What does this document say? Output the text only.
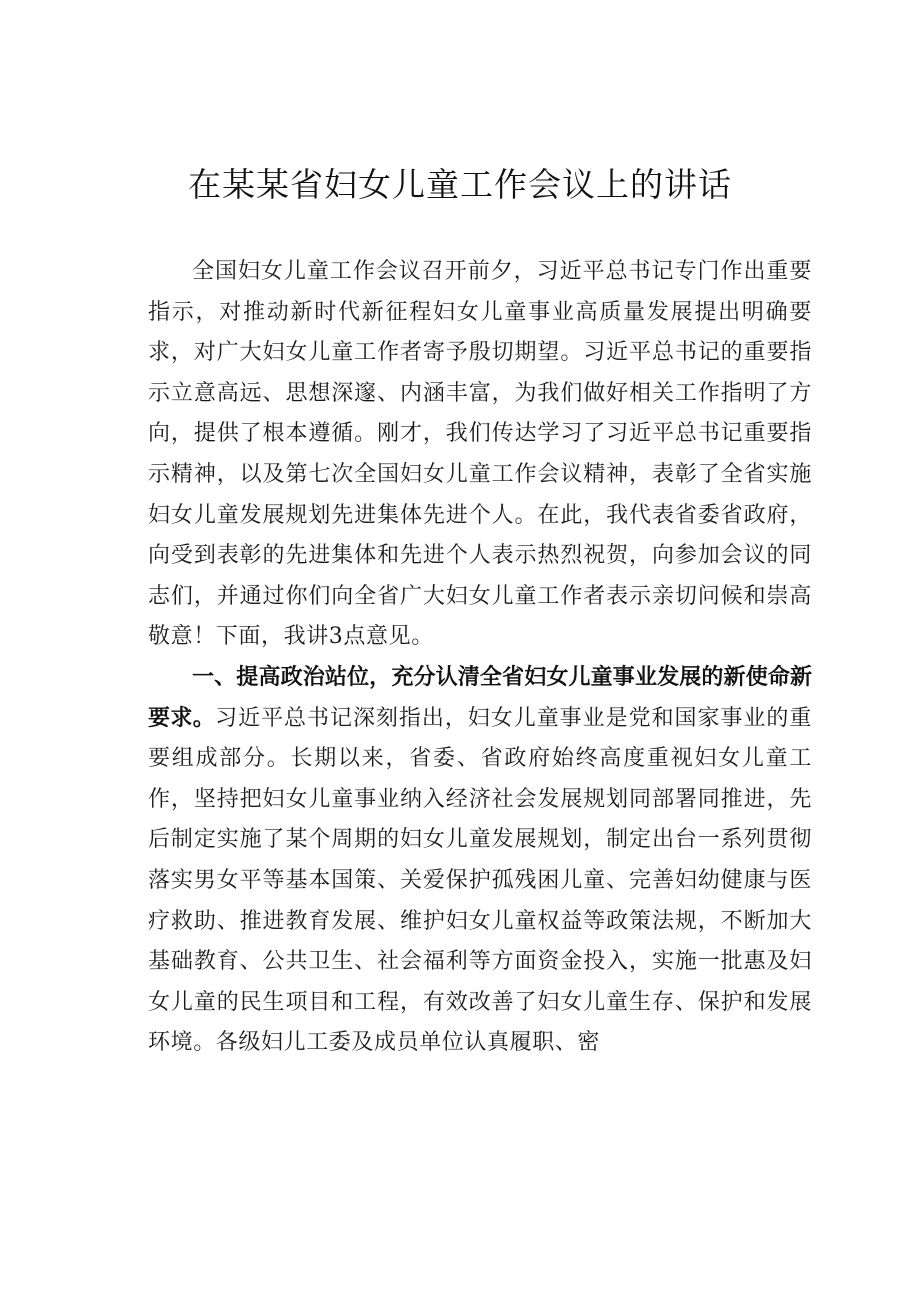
在某某省妇女儿童工作会议上的讲话

全国妇女儿童工作会议召开前夕，习近平总书记专门作出重要指示，对推动新时代新征程妇女儿童事业高质量发展提出明确要求，对广大妇女儿童工作者寄予殷切期望。习近平总书记的重要指示立意高远、思想深邃、内涵丰富，为我们做好相关工作指明了方向，提供了根本遵循。刚才，我们传达学习了习近平总书记重要指示精神，以及第七次全国妇女儿童工作会议精神，表彰了全省实施妇女儿童发展规划先进集体先进个人。在此，我代表省委省政府，向受到表彰的先进集体和先进个人表示热烈祝贺，向参加会议的同志们，并通过你们向全省广大妇女儿童工作者表示亲切问候和崇高敬意！下面，我讲3点意见。

一、提高政治站位，充分认清全省妇女儿童事业发展的新使命新要求。习近平总书记深刻指出，妇女儿童事业是党和国家事业的重要组成部分。长期以来，省委、省政府始终高度重视妇女儿童工作，坚持把妇女儿童事业纳入经济社会发展规划同部署同推进，先后制定实施了某个周期的妇女儿童发展规划，制定出台一系列贯彻落实男女平等基本国策、关爱保护孤残困儿童、完善妇幼健康与医疗救助、推进教育发展、维护妇女儿童权益等政策法规，不断加大基础教育、公共卫生、社会福利等方面资金投入，实施一批惠及妇女儿童的民生项目和工程，有效改善了妇女儿童生存、保护和发展环境。各级妇儿工委及成员单位认真履职、密
